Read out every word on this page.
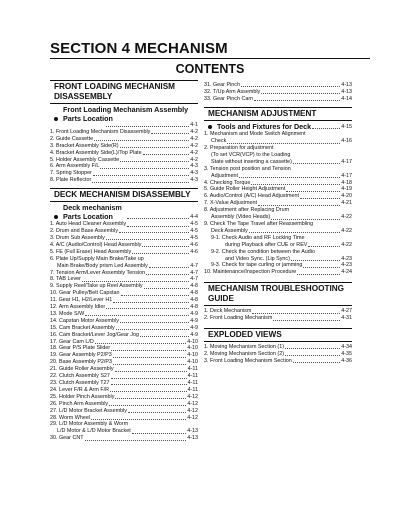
SECTION 4 MECHANISM
CONTENTS
FRONT LOADING MECHANISM DISASSEMBLY
Front Loading Mechanism Assembly Parts Location
4-1
1. Front Loading Mechanism Disassembly	4-2
2. Guide Cassette	4-2
3. Bracket Assembly Side(R)	4-2
4. Bracket Assembly Side(L)/Top Plate	4-2
5. Holder Assembly Cassette	4-2
6. Arm Assembly F/L	4-3
7. Spring Stopper	4-3
8. Plate Reflector	4-3
DECK MECHANISM DISASSEMBLY
Deck mechanism Parts Location	4-4
1. Auto Head Cleaner Assembly	4-5
2. Drum and Base Assembly	4-5
3. Drum Sub Assembly	4-5
4. A/C (Audio/Control) Head Assembly	4-6
5. FE (Full Erase) Head Assembly	4-6
6. Plate Up/Supply Main Brake/Take up
Main Brake/Body prism Led Assembly	4-7
7. Tension Arm/Lever Assembly Tension	4-7
8. TAB Lever	4-7
9. Supply Reel/Take up Reel Assembly	4-8
10. Gear Pulley/Belt Capstan	4-8
11. Gear H1, H2/Lever H1	4-8
12. Arm Assembly Idler	4-8
13. Mode S/W	4-9
14. Capstan Motor Assembly	4-9
15. Cam Bracket Assembly	4-9
16. Cam Bracket/Lever Jog/Gear Jog	4-9
17. Gear Cam L/D	4-10
18. Gear P/S Plate Slider	4-10
19. Gear Assembly P2/P3	4-10
20. Base Assembly P2/P3	4-10
21. Guide Roller Assembly	4-11
22. Clutch Assembly S27	4-11
23. Clutch Assembly T27	4-11
24. Lever F/R & Arm F/R	4-11
25. Holder Pinch Assembly	4-12
26. Pinch Arm Assembly	4-12
27. L/D Motor Bracket Assembly	4-12
28. Worm Wheel	4-12
29. L/D Motor Assembly & Worm
L/D Motor & L/D Motor Bracket	4-13
30. Gear CNT	4-13
31. Gear Pinch	4-13
32. T/Up Arm Assembly	4-13
33. Gear Pinch Cam	4-14
MECHANISM ADJUSTMENT
Tools and Fixtures for Deck	4-15
1. Mechanism and Mode Switch Alignment
Check	4-16
2. Preparation for adjustment
(To set VCR(VCP) to the Loading
State without inserting a cassette)	4-17
3. Tension post position and Tension
Adjustment	4-17
4. Checking Torque	4-18
5. Guide Roller Height Adjustment	4-19
6. Audio/Control (A/C) Head Adjustment	4-20
7. X-Value Adjustment	4-21
8. Adjustment after Replacing Drum
Assembly (Video Heads)	4-22
9. Check The Tape Travel after Reassembling
Deck Assembly	4-22
9-1. Check Audio and RF Locking Time
during Playback after CUE or REV	4-22
9-2. Check the condition between the Audio
and Video Sync. (Lip Sync)	4-23
9-3. Check for tape curling or jamming	4-23
10. Maintenance/Inspection Procedure	4-24
MECHANISM TROUBLESHOOTING GUIDE
1. Deck Mechanism	4-27
2. Front Loading Mechanism	4-31
EXPLODED VIEWS
1. Moving Mechanism Section (1)	4-34
2. Moving Mechanism Section (2)	4-35
3. Front Loading Mechanism Section	4-36
